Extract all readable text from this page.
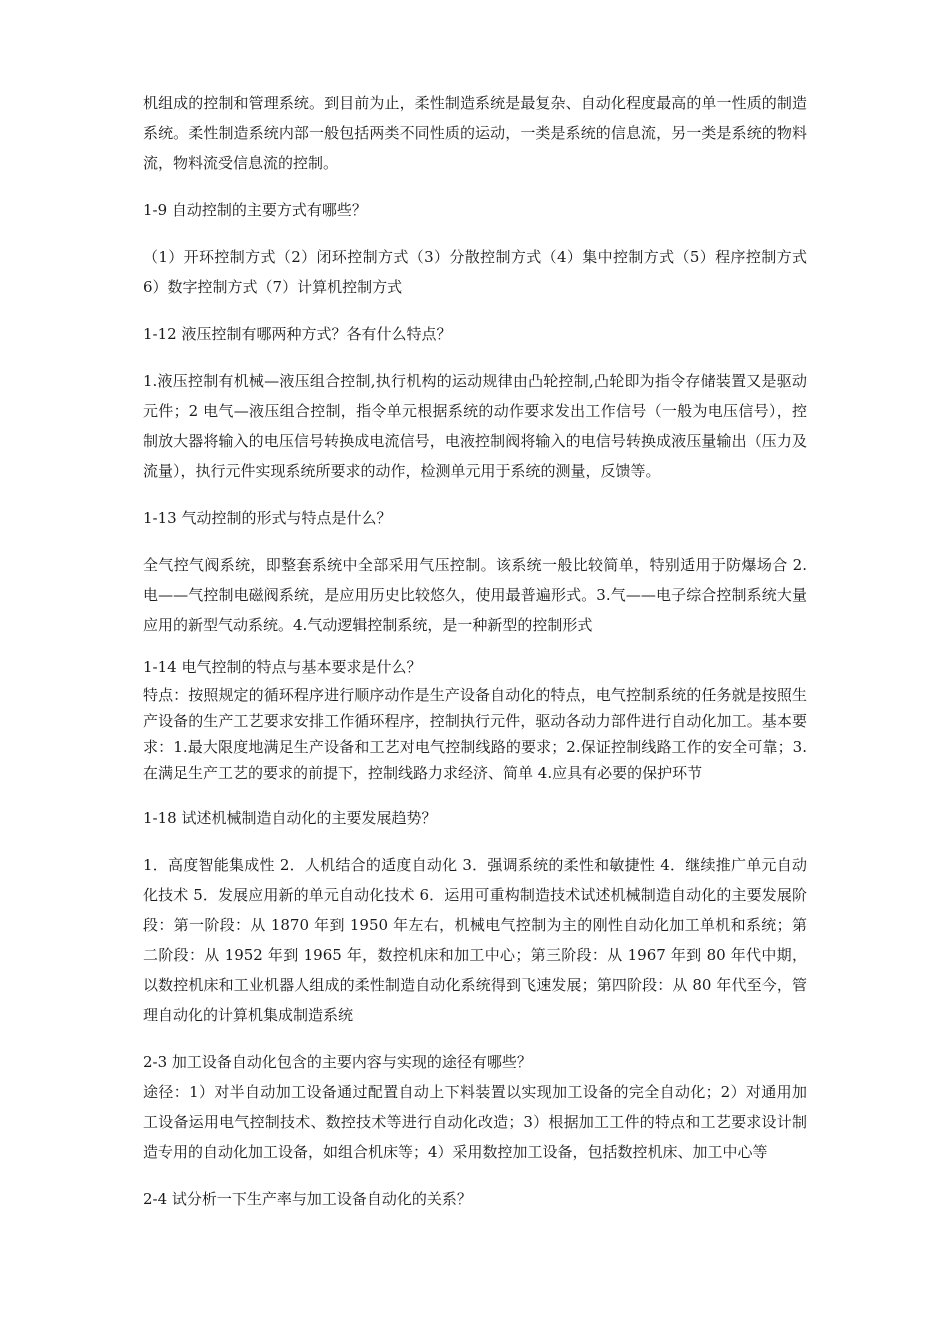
机组成的控制和管理系统。到目前为止，柔性制造系统是最复杂、自动化程度最高的单一性质的制造系统。柔性制造系统内部一般包括两类不同性质的运动，一类是系统的信息流，另一类是系统的物料流，物料流受信息流的控制。

1-9 自动控制的主要方式有哪些？

（1）开环控制方式（2）闭环控制方式（3）分散控制方式（4）集中控制方式（5）程序控制方式 6）数字控制方式（7）计算机控制方式

1-12 液压控制有哪两种方式？各有什么特点？

1.液压控制有机械—液压组合控制,执行机构的运动规律由凸轮控制,凸轮即为指令存储装置又是驱动元件；2 电气—液压组合控制，指令单元根据系统的动作要求发出工作信号（一般为电压信号），控制放大器将输入的电压信号转换成电流信号，电液控制阀将输入的电信号转换成液压量输出（压力及流量），执行元件实现系统所要求的动作，检测单元用于系统的测量，反馈等。

1-13 气动控制的形式与特点是什么？

全气控气阀系统，即整套系统中全部采用气压控制。该系统一般比较简单，特别适用于防爆场合 2.电——气控制电磁阀系统，是应用历史比较悠久，使用最普遍形式。3.气——电子综合控制系统大量应用的新型气动系统。4.气动逻辑控制系统，是一种新型的控制形式

1-14 电气控制的特点与基本要求是什么？

特点：按照规定的循环程序进行顺序动作是生产设备自动化的特点，电气控制系统的任务就是按照生产设备的生产工艺要求安排工作循环程序，控制执行元件，驱动各动力部件进行自动化加工。基本要求：1.最大限度地满足生产设备和工艺对电气控制线路的要求；2.保证控制线路工作的安全可靠；3.在满足生产工艺的要求的前提下，控制线路力求经济、简单 4.应具有必要的保护环节

1-18 试述机械制造自动化的主要发展趋势？

1．高度智能集成性 2．人机结合的适度自动化 3．强调系统的柔性和敏捷性 4．继续推广单元自动化技术 5．发展应用新的单元自动化技术 6．运用可重构制造技术试述机械制造自动化的主要发展阶段：第一阶段：从 1870 年到 1950 年左右，机械电气控制为主的刚性自动化加工单机和系统；第二阶段：从 1952 年到 1965 年，数控机床和加工中心；第三阶段：从 1967 年到 80 年代中期，以数控机床和工业机器人组成的柔性制造自动化系统得到飞速发展；第四阶段：从 80 年代至今，管理自动化的计算机集成制造系统

2-3 加工设备自动化包含的主要内容与实现的途径有哪些？

途径：1）对半自动加工设备通过配置自动上下料装置以实现加工设备的完全自动化；2）对通用加工设备运用电气控制技术、数控技术等进行自动化改造；3）根据加工工件的特点和工艺要求设计制造专用的自动化加工设备，如组合机床等；4）采用数控加工设备，包括数控机床、加工中心等

2-4 试分析一下生产率与加工设备自动化的关系？
